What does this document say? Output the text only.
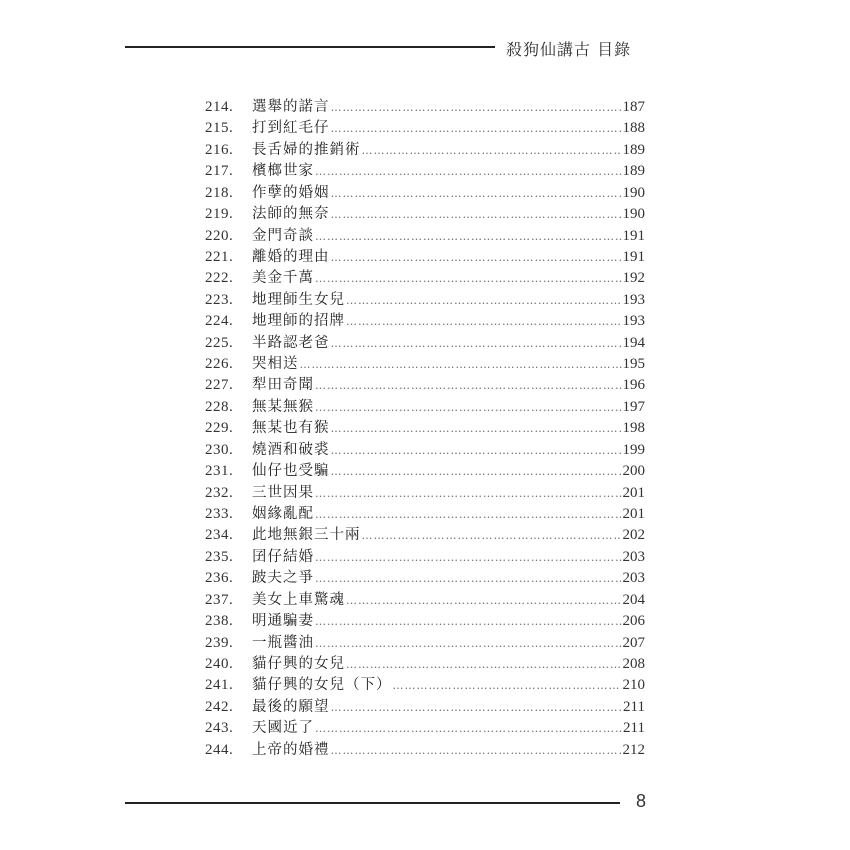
殺狗仙講古 目錄
214.	選舉的諾言 ……………………………………………………………………………………………………………………………………………	187
215.	打到紅毛仔 ……………………………………………………………………………………………………………………………………………	188
216.	長舌婦的推銷術 ……………………………………………………………………………………………………………………………………………	189
217.	檳榔世家 ……………………………………………………………………………………………………………………………………………	189
218.	作孽的婚姻 ……………………………………………………………………………………………………………………………………………	190
219.	法師的無奈 ……………………………………………………………………………………………………………………………………………	190
220.	金門奇談 ……………………………………………………………………………………………………………………………………………	191
221.	離婚的理由 ……………………………………………………………………………………………………………………………………………	191
222.	美金千萬 ……………………………………………………………………………………………………………………………………………	192
223.	地理師生女兒 ……………………………………………………………………………………………………………………………………………	193
224.	地理師的招牌 ……………………………………………………………………………………………………………………………………………	193
225.	半路認老爸 ……………………………………………………………………………………………………………………………………………	194
226.	哭相送 ……………………………………………………………………………………………………………………………………………	195
227.	犁田奇聞 ……………………………………………………………………………………………………………………………………………	196
228.	無某無猴 ……………………………………………………………………………………………………………………………………………	197
229.	無某也有猴 ……………………………………………………………………………………………………………………………………………	198
230.	燒酒和破裘 ……………………………………………………………………………………………………………………………………………	199
231.	仙仔也受騙 ……………………………………………………………………………………………………………………………………………	200
232.	三世因果 ……………………………………………………………………………………………………………………………………………	201
233.	姻緣亂配 ……………………………………………………………………………………………………………………………………………	201
234.	此地無銀三十兩 ……………………………………………………………………………………………………………………………………………	202
235.	囝仔結婚 ……………………………………………………………………………………………………………………………………………	203
236.	跛夫之爭 ……………………………………………………………………………………………………………………………………………	203
237.	美女上車驚魂 ……………………………………………………………………………………………………………………………………………	204
238.	明通騙妻 ……………………………………………………………………………………………………………………………………………	206
239.	一瓶醬油 ……………………………………………………………………………………………………………………………………………	207
240.	貓仔興的女兒 ……………………………………………………………………………………………………………………………………………	208
241.	貓仔興的女兒（下） ……………………………………………………………………………………………………………………………………………	210
242.	最後的願望 ……………………………………………………………………………………………………………………………………………	211
243.	天國近了 ……………………………………………………………………………………………………………………………………………	211
244.	上帝的婚禮 ……………………………………………………………………………………………………………………………………………	212
8
